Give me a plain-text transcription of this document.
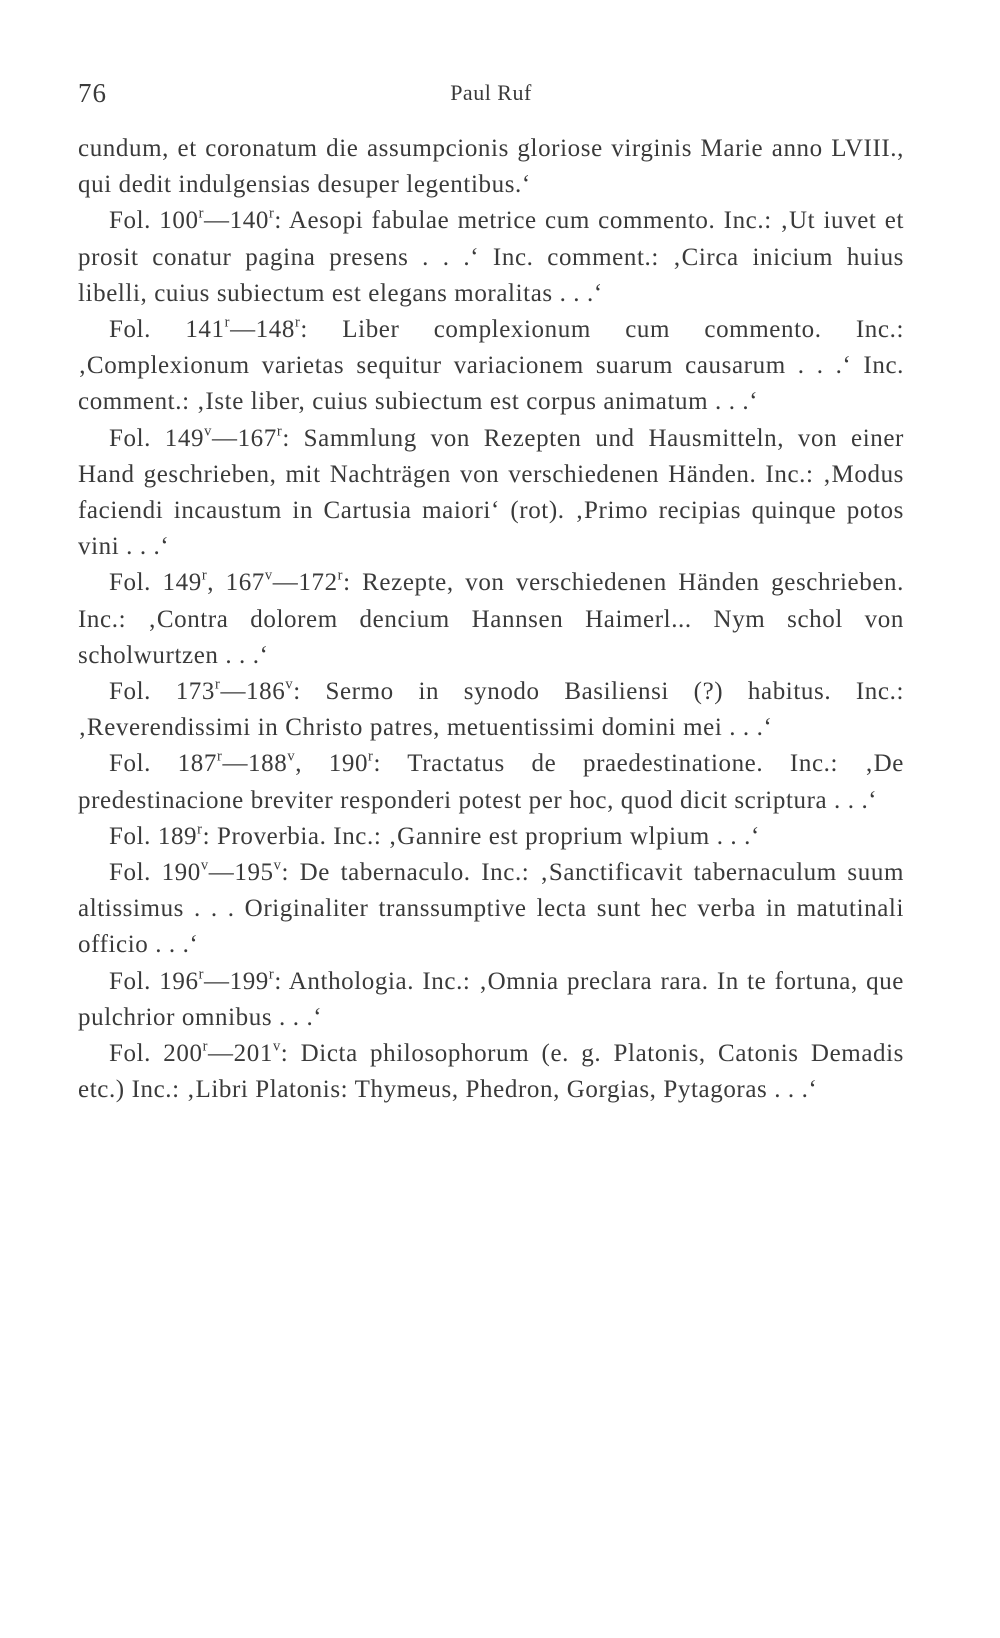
76	Paul Ruf

cundum, et coronatum die assumpcionis gloriose virginis Marie anno LVIII., qui dedit indulgensias desuper legentibus.‘

Fol. 100$^r$—140$^r$: Aesopi fabulae metrice cum commento. Inc.: ‚Ut iuvet et prosit conatur pagina presens . . .‘ Inc. comment.: ‚Circa inicium huius libelli, cuius subiectum est elegans moralitas . . .‘

Fol. 141$^r$—148$^r$: Liber complexionum cum commento. Inc.: ‚Complexionum varietas sequitur variacionem suarum causarum . . .‘ Inc. comment.: ‚Iste liber, cuius subiectum est corpus animatum . . .‘

Fol. 149$^v$—167$^r$: Sammlung von Rezepten und Hausmitteln, von einer Hand geschrieben, mit Nachträgen von verschiedenen Händen. Inc.: ‚Modus faciendi incaustum in Cartusia maiori‘ (rot). ‚Primo recipias quinque potos vini . . .‘

Fol. 149$^r$, 167$^v$—172$^r$: Rezepte, von verschiedenen Händen geschrieben. Inc.: ‚Contra dolorem dencium Hannsen Haimerl... Nym schol von scholwurtzen . . .‘

Fol. 173$^r$—186$^v$: Sermo in synodo Basiliensi (?) habitus. Inc.: ‚Reverendissimi in Christo patres, metuentissimi domini mei . . .‘

Fol. 187$^r$—188$^v$, 190$^r$: Tractatus de praedestinatione. Inc.: ‚De predestinacione breviter responderi potest per hoc, quod dicit scriptura . . .‘

Fol. 189$^r$: Proverbia. Inc.: ‚Gannire est proprium wlpium . . .‘

Fol. 190$^v$—195$^v$: De tabernaculo. Inc.: ‚Sanctificavit tabernaculum suum altissimus . . . Originaliter transsumptive lecta sunt hec verba in matutinali officio . . .‘

Fol. 196$^r$—199$^r$: Anthologia. Inc.: ‚Omnia preclara rara. In te fortuna, que pulchrior omnibus . . .‘

Fol. 200$^r$—201$^v$: Dicta philosophorum (e. g. Platonis, Catonis Demadis etc.) Inc.: ‚Libri Platonis: Thymeus, Phedron, Gorgias, Pytagoras . . .‘
